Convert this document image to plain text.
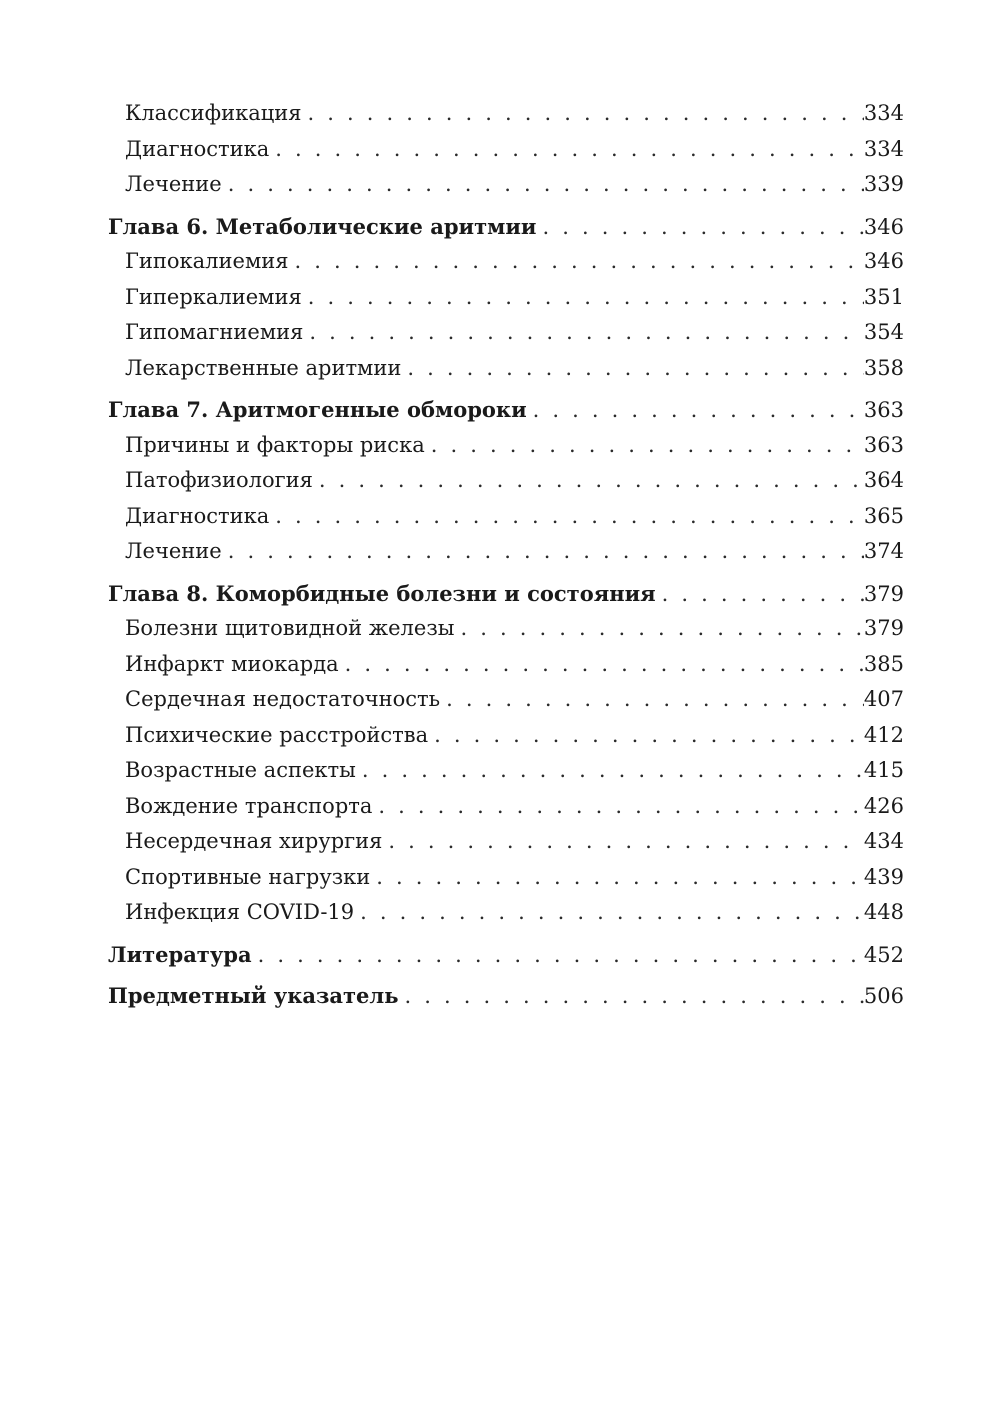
Классификация . . .	334
Диагностика . . .	334
Лечение . . .	339
Глава 6. Метаболические аритмии . . .	346
Гипокалиемия . . .	346
Гиперкалиемия . . .	351
Гипомагниемия . . .	354
Лекарственные аритмии . . .	358
Глава 7. Аритмогенные обмороки . . .	363
Причины и факторы риска . . .	363
Патофизиология . . .	364
Диагностика . . .	365
Лечение . . .	374
Глава 8. Коморбидные болезни и состояния . . .	379
Болезни щитовидной железы . . .	379
Инфаркт миокарда . . .	385
Сердечная недостаточность . . .	407
Психические расстройства . . .	412
Возрастные аспекты . . .	415
Вождение транспорта . . .	426
Несердечная хирургия . . .	434
Спортивные нагрузки . . .	439
Инфекция COVID-19 . . .	448
Литература . . .	452
Предметный указатель . . .	506
